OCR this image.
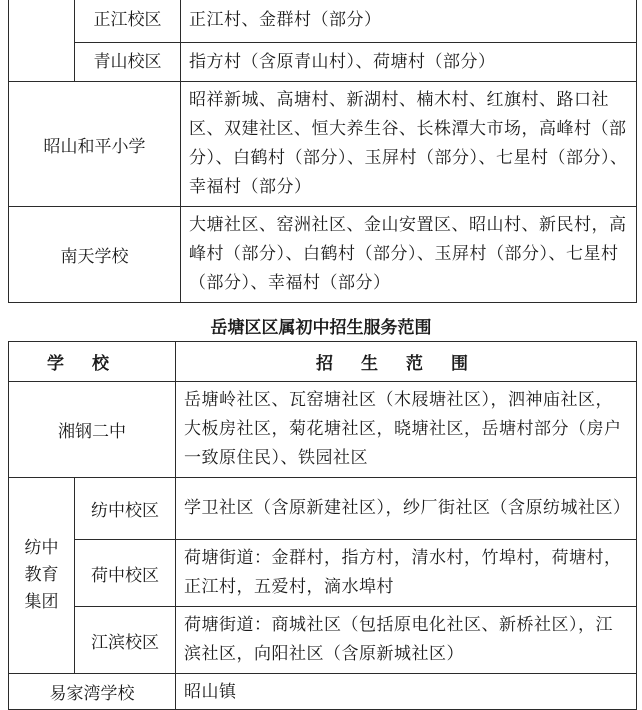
	正江校区	正江村、金群村（部分）
	青山校区	指方村（含原青山村）、荷塘村（部分）
昭山和平小学		昭祥新城、高塘村、新湖村、楠木村、红旗村、路口社区、双建社区、恒大养生谷、长株潭大市场，高峰村（部分）、白鹤村（部分）、玉屏村（部分）、七星村（部分）、幸福村（部分）
南天学校		大塘社区、窑洲社区、金山安置区、昭山村、新民村，高峰村（部分）、白鹤村（部分）、玉屏村（部分）、七星村（部分）、幸福村（部分）
岳塘区区属初中招生服务范围
学校		招生范围
湘钢二中		岳塘岭社区、瓦窑塘社区（木屐塘社区），泗神庙社区，大板房社区，菊花塘社区，晓塘社区，岳塘村部分（房户一致原住民）、铁园社区
纺中教育集团	纺中校区	学卫社区（含原新建社区），纱厂街社区（含原纺城社区）
	荷中校区	荷塘街道：金群村，指方村，清水村，竹埠村，荷塘村，正江村，五爱村，滴水埠村
	江滨校区	荷塘街道：商城社区（包括原电化社区、新桥社区），江滨社区，向阳社区（含原新城社区）
易家湾学校		昭山镇
